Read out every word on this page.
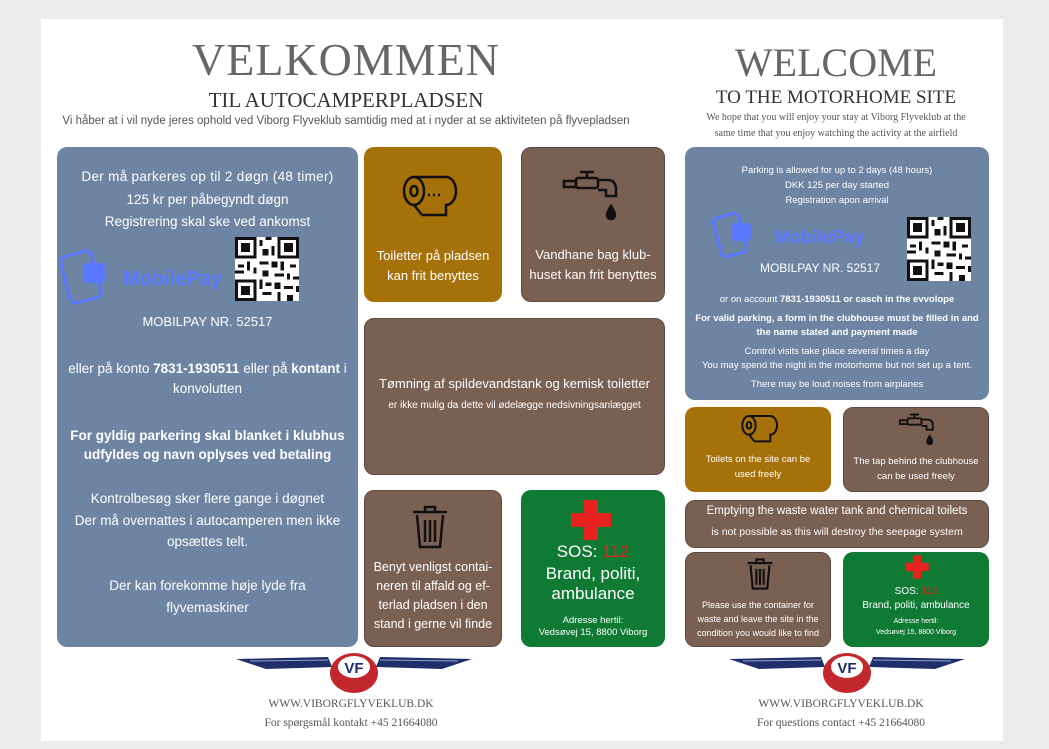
VELKOMMEN
TIL AUTOCAMPERPLADSEN
Vi håber at i vil nyde jeres ophold ved Viborg Flyveklub samtidig med at i nyder at se aktiviteten på flyvepladsen
Der må parkeres op til 2 døgn (48 timer)
125 kr per påbegyndt døgn
Registrering skal ske ved ankomst
MobilePay
MOBILPAY NR. 52517
eller på konto 7831-1930511 eller på kontant i
konvolutten
For gyldig parkering skal blanket i klubhus
udfyldes og navn oplyses ved betaling
Kontrolbesøg sker flere gange i døgnet
Der må overnattes i autocamperen men ikke
opsættes telt.
Der kan forekomme høje lyde fra
flyvemaskiner
Toiletter på pladsen
kan frit benyttes
Vandhane bag klub-
huset kan frit benyttes
Tømning af spildevandstank og kemisk toiletter
er ikke mulig da dette vil ødelægge nedsivningsanlægget
Benyt venligst contai-
neren til affald og ef-
terlad pladsen i den
stand i gerne vil finde
SOS: 112
Brand, politi,
ambulance
Adresse hertil:
Vedsøvej 15, 8800 Viborg
VF
WWW.VIBORGFLYVEKLUB.DK
For spørgsmål kontakt +45 21664080
WELCOME
TO THE MOTORHOME SITE
We hope that you will enjoy your stay at Viborg Flyveklub at the
same time that you enjoy watching the activity at the airfield
Parking is allowed for up to 2 days (48 hours)
DKK 125 per day started
Registration apon arrival
MobilePay
MOBILPAY NR. 52517
or on account 7831-1930511 or casch in the evvolope
For valid parking, a form in the clubhouse must be filled in and
the name stated and payment made
Control visits take place several times a day
You may spend the night in the motorhome but not set up a tent.
There may be loud noises from airplanes
Toilets on the site can be
used freely
The tap behind the clubhouse
can be used freely
Emptying the waste water tank and chemical toilets
is not possible as this will destroy the seepage system
Please use the container for
waste and leave the site in the
condition you would like to find
SOS: 112
Brand, politi, ambulance
Adresse hertil:
Vedsøvej 15, 8800 Viborg
VF
WWW.VIBORGFLYVEKLUB.DK
For questions contact +45 21664080
